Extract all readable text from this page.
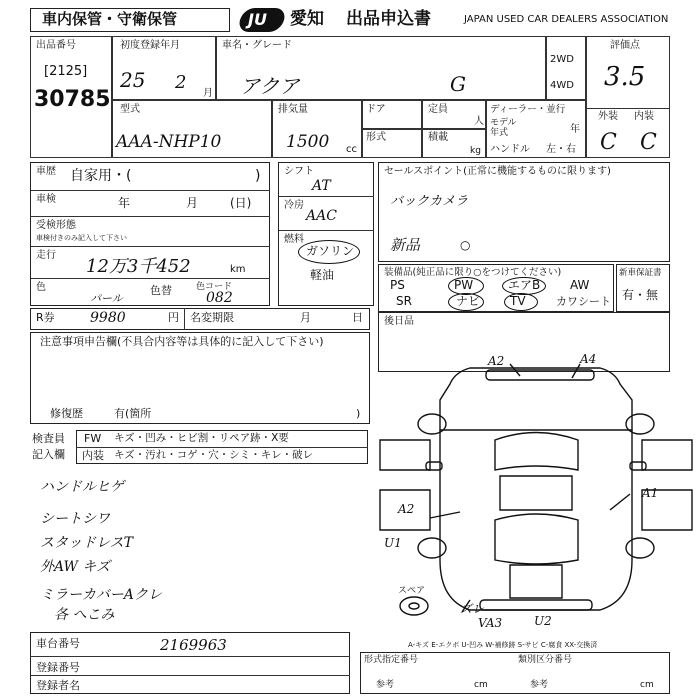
車内保管・守衛保管	JU 愛知 出品申込書	JAPAN USED CAR DEALERS ASSOCIATION
出品番号
[2125]
30785
初度登録年月
25 2
月
車名・グレード
アクア	G
2WD
4WD
評価点
3.5
外装 内装
C C
型式
AAA-NHP10
排気量
1500 cc
ドア
形式
定員
人
積載
kg
ディーラー・並行
モデル
年式	年
ハンドル 左・右
車歴 自家用・(	)
車検	年	月	(日)
受検形態
車検付きのみ記入して下さい
走行
12万3千452	km
色
パール
色替	色コード
082
シフト
AT
冷房
AAC
燃料
ガソリン
軽油
セールスポイント(正常に機能するものに限ります)
バックカメラ
新品	○
装備品(純正品に限り○をつけてください)
PS	PW	エアB AW
SR	ナビ TV	カワシート
新車保証書
有・無
R券	9980	円 名変期限	月	日 後日品
注意事項申告欄(不具合内容等は具体的に記入して下さい)
修復歴	有(箇所	)
検査員
記入欄
FW キズ・凹み・ヒビ割・リペア跡・X要
内装 キズ・汚れ・コゲ・穴・シミ・キレ・破レ
ハンドルヒゲ
シートシワ
スタッドレスT
外AW キズ
ミラーカバーAクレ
各 へこみ
A2	A4
A2
A1
U1
ズレ
VA3	U2
スペア
A-キズ E-エクボ U-凹み W-補修跡 S-サビ C-腐食 XX-交換済
車台番号	2169963
登録番号
登録者名
形式指定番号	類別区分番号
参考	cm	参考	cm
